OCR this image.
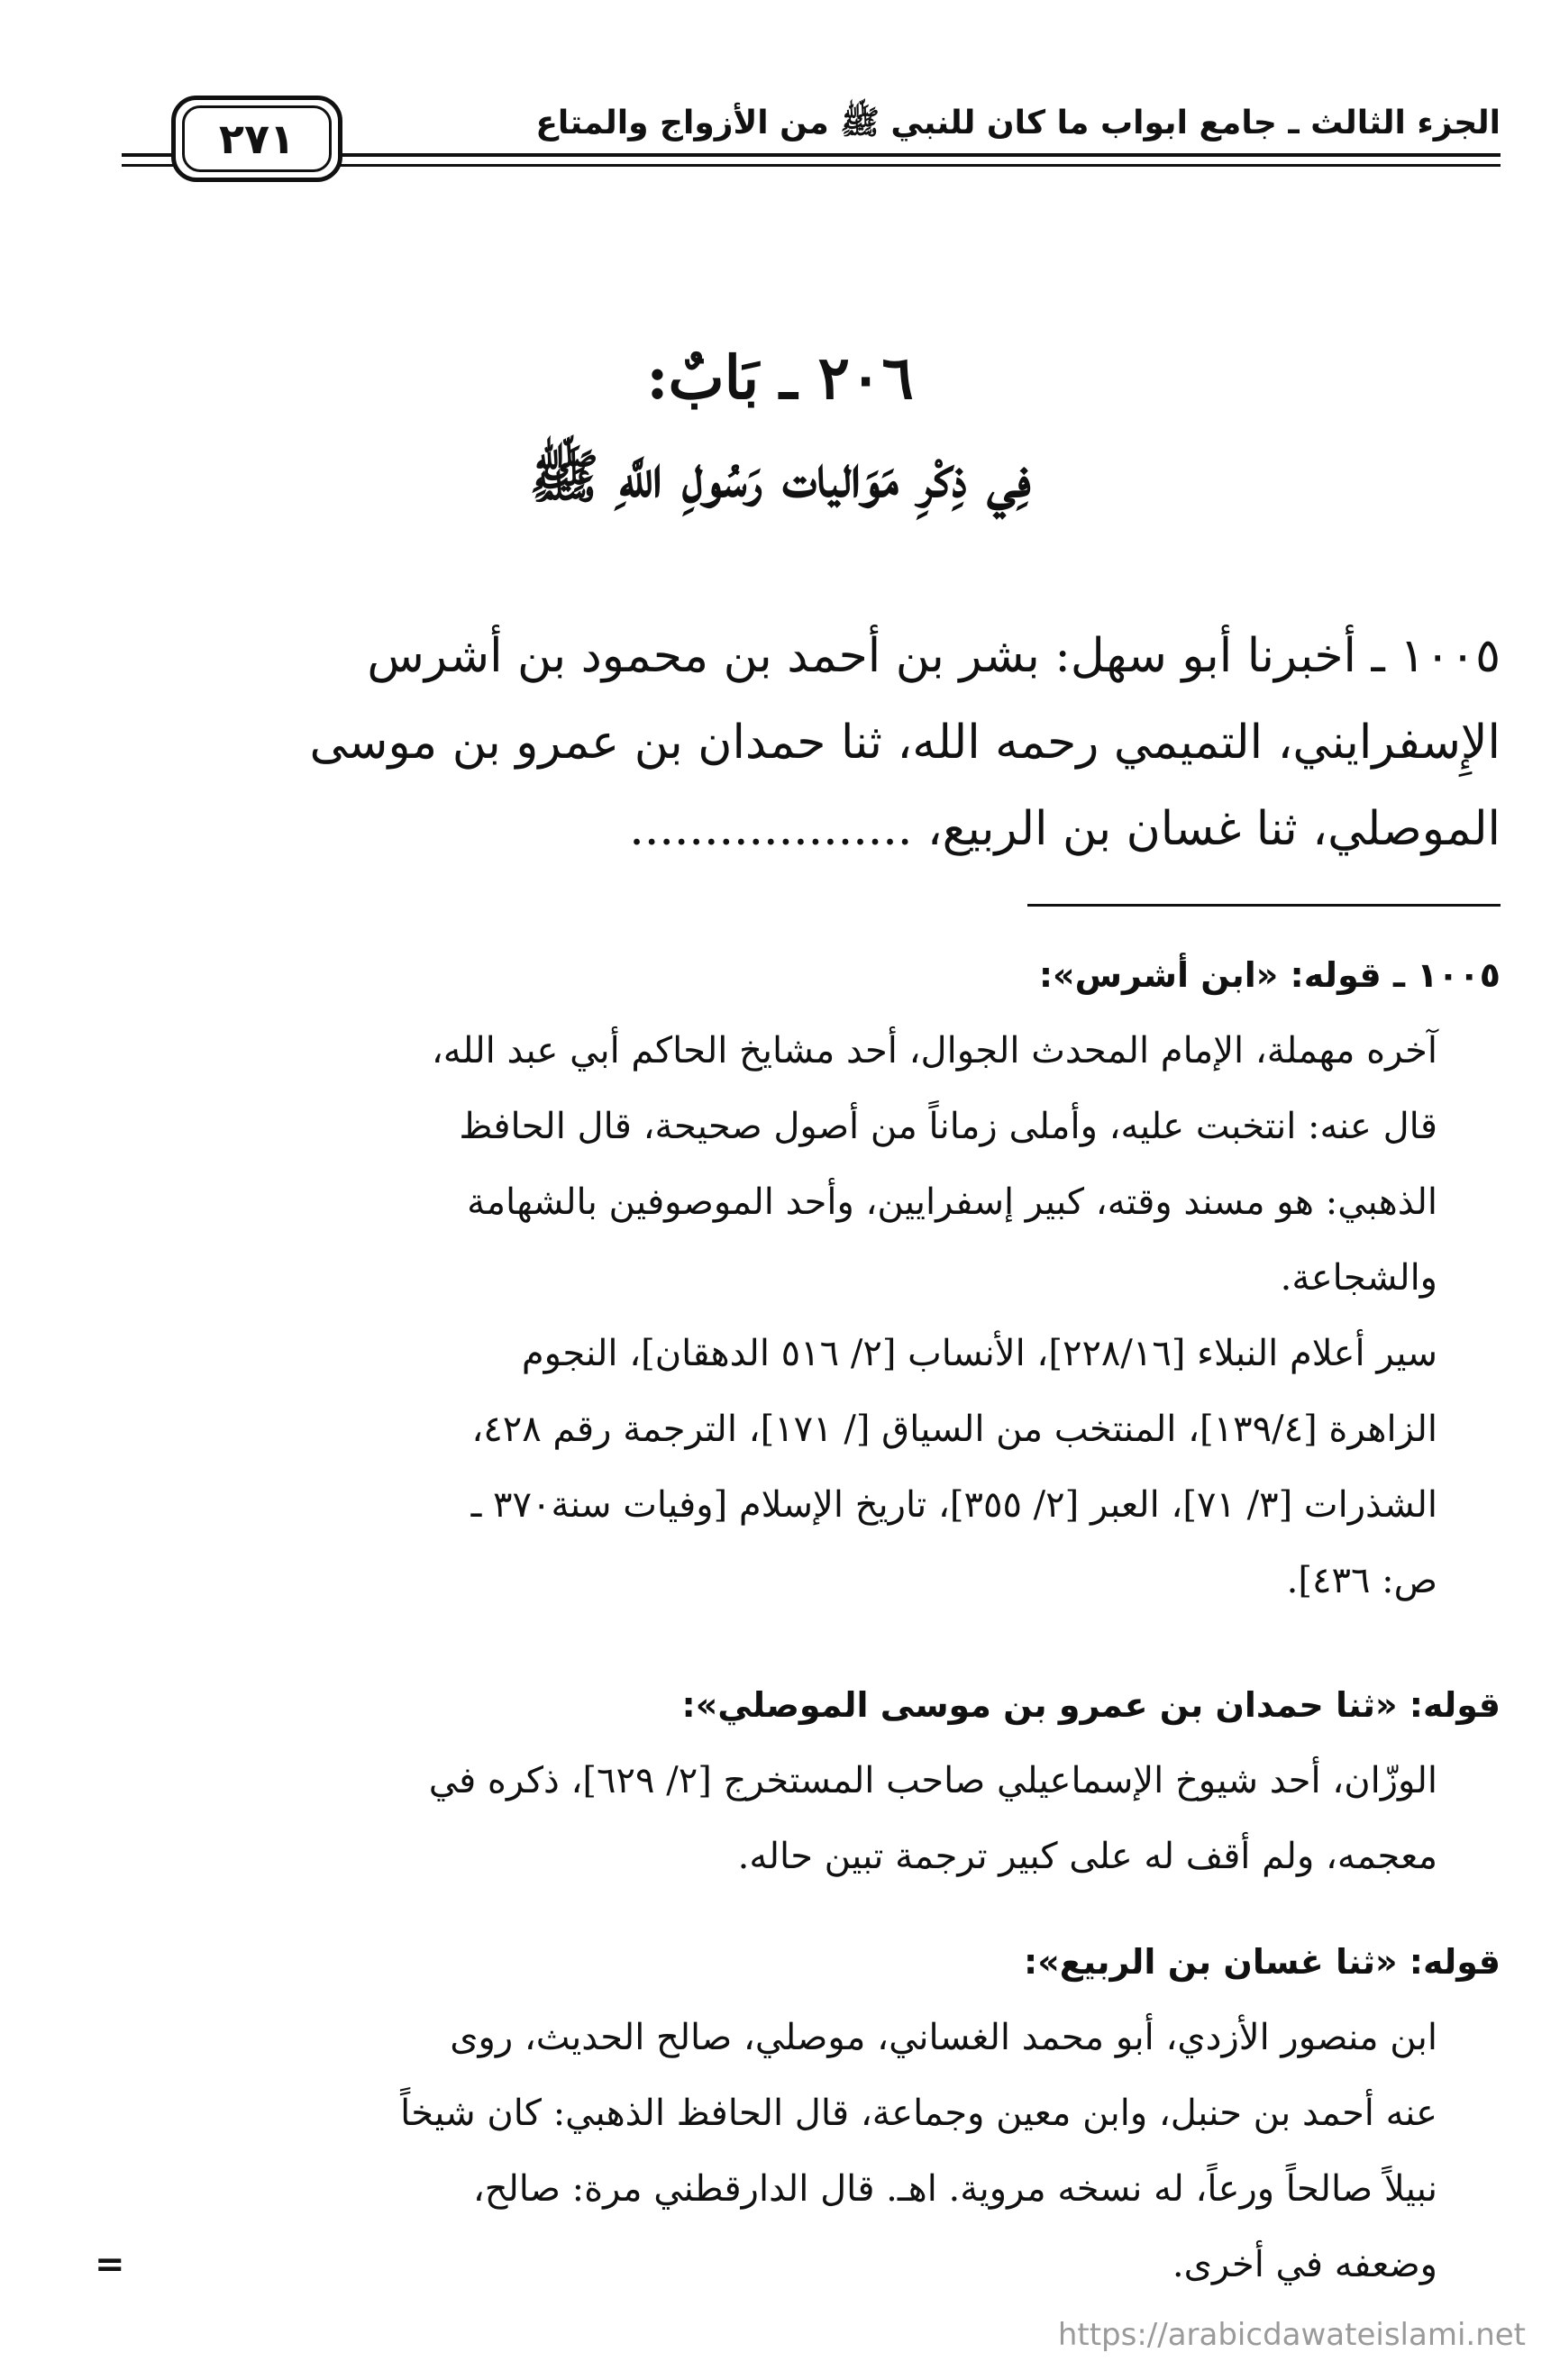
الجزء الثالث ـ جامع ابواب ما كان للنبي ﷺ من الأزواج والمتاع
٢٧١
٢٠٦ ـ بَابٌ:
فِي ذِكْرِ مَوَاليات رَسُولِ اللَّهِ ﷺ
١٠٠٥ ـ أخبرنا أبو سهل: بشر بن أحمد بن محمود بن أشرس
الإِسفرايني، التميمي رحمه الله، ثنا حمدان بن عمرو بن موسى
الموصلي، ثنا غسان بن الربيع، ...................
١٠٠٥ ـ قوله: «ابن أشرس»:
آخره مهملة، الإمام المحدث الجوال، أحد مشايخ الحاكم أبي عبد الله،
قال عنه: انتخبت عليه، وأملى زماناً من أصول صحيحة، قال الحافظ
الذهبي: هو مسند وقته، كبير إسفرايين، وأحد الموصوفين بالشهامة
والشجاعة.
سير أعلام النبلاء [٢٢٨/١٦]، الأنساب [٢/ ٥١٦ الدهقان]، النجوم
الزاهرة [١٣٩/٤]، المنتخب من السياق [/ ١٧١]، الترجمة رقم ٤٢٨،
الشذرات [٣/ ٧١]، العبر [٢/ ٣٥٥]، تاريخ الإسلام [وفيات سنة٣٧٠ ـ
ص: ٤٣٦].
قوله: «ثنا حمدان بن عمرو بن موسى الموصلي»:
الوزّان، أحد شيوخ الإسماعيلي صاحب المستخرج [٢/ ٦٢٩]، ذكره في
معجمه، ولم أقف له على كبير ترجمة تبين حاله.
قوله: «ثنا غسان بن الربيع»:
ابن منصور الأزدي، أبو محمد الغساني، موصلي، صالح الحديث، روى
عنه أحمد بن حنبل، وابن معين وجماعة، قال الحافظ الذهبي: كان شيخاً
نبيلاً صالحاً ورعاً، له نسخه مروية. اهـ. قال الدارقطني مرة: صالح،
وضعفه في أخرى.
=
https://arabicdawateislami.net
